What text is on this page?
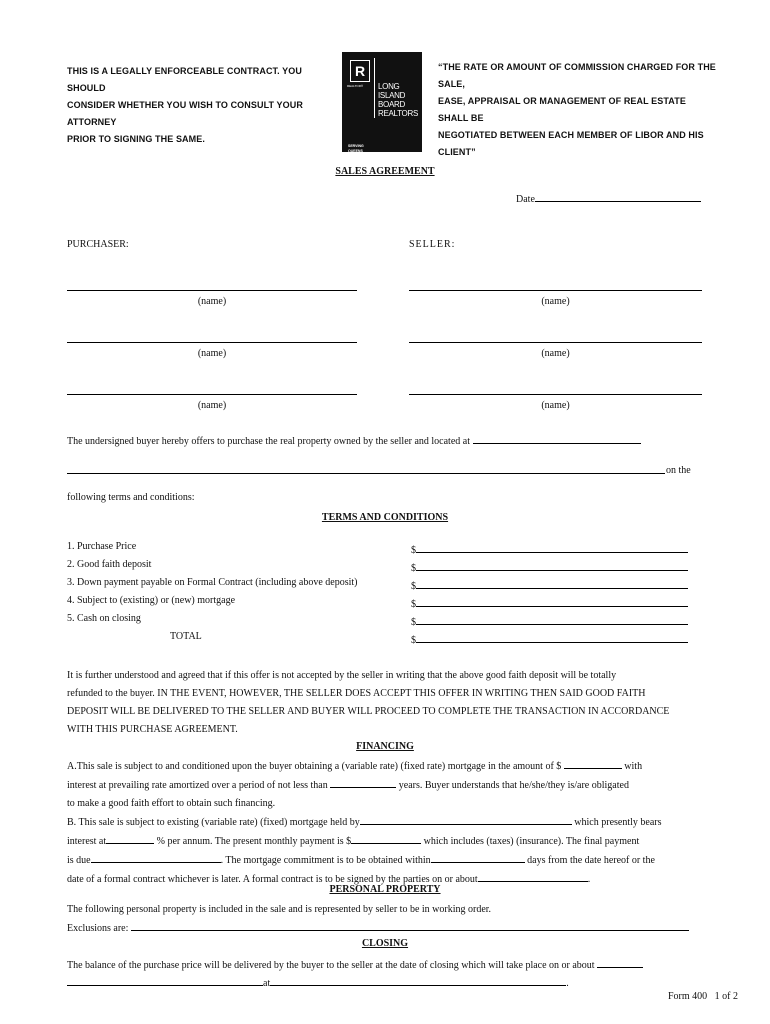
THIS IS A LEGALLY ENFORCEABLE CONTRACT. YOU SHOULD
CONSIDER WHETHER YOU WISH TO CONSULT YOUR ATTORNEY
PRIOR TO SIGNING THE SAME.
R
REALTOR® LONG
ISLAND
BOARD
REALTORS
SERVING
QUEENS
NASSAU &
SUFFOLK
“THE RATE OR AMOUNT OF COMMISSION CHARGED FOR THE SALE,
EASE, APPRAISAL OR MANAGEMENT OF REAL ESTATE SHALL BE
NEGOTIATED BETWEEN EACH MEMBER OF LIBOR AND HIS CLIENT”
SALES AGREEMENT
Date
PURCHASER:	SELLER:
(name)	(name)
(name)	(name)
(name)	(name)
The undersigned buyer hereby offers to purchase the real property owned by the seller and located at
on the
following terms and conditions:
TERMS AND CONDITIONS
1. Purchase Price	$
2. Good faith deposit	$
3. Down payment payable on Formal Contract (including above deposit)	$
4. Subject to (existing) or (new) mortgage	$
5. Cash on closing	$
TOTAL	$
It is further understood and agreed that if this offer is not accepted by the seller in writing that the above good faith deposit will be totally
refunded to the buyer. IN THE EVENT, HOWEVER, THE SELLER DOES ACCEPT THIS OFFER IN WRITING THEN SAID GOOD FAITH
DEPOSIT WILL BE DELIVERED TO THE SELLER AND BUYER WILL PROCEED TO COMPLETE THE TRANSACTION IN ACCORDANCE
WITH THIS PURCHASE AGREEMENT.
FINANCING
A.This sale is subject to and conditioned upon the buyer obtaining a (variable rate) (fixed rate) mortgage in the amount of $	with
interest at prevailing rate amortized over a period of not less than	years. Buyer understands that he/she/they is/are obligated
to make a good faith effort to obtain such financing.
B. This sale is subject to existing (variable rate) (fixed) mortgage held by	which presently bears
interest at	% per annum. The present monthly payment is $	which includes (taxes) (insurance). The final payment
is due	. The mortgage commitment is to be obtained within	days from the date hereof or the
date of a formal contract whichever is later. A formal contract is to be signed by the parties on or about	.
PERSONAL PROPERTY
The following personal property is included in the sale and is represented by seller to be in working order.
Exclusions are:
CLOSING
The balance of the purchase price will be delivered by the buyer to the seller at the date of closing which will take place on or about
at	.
Form 400 1 of 2
